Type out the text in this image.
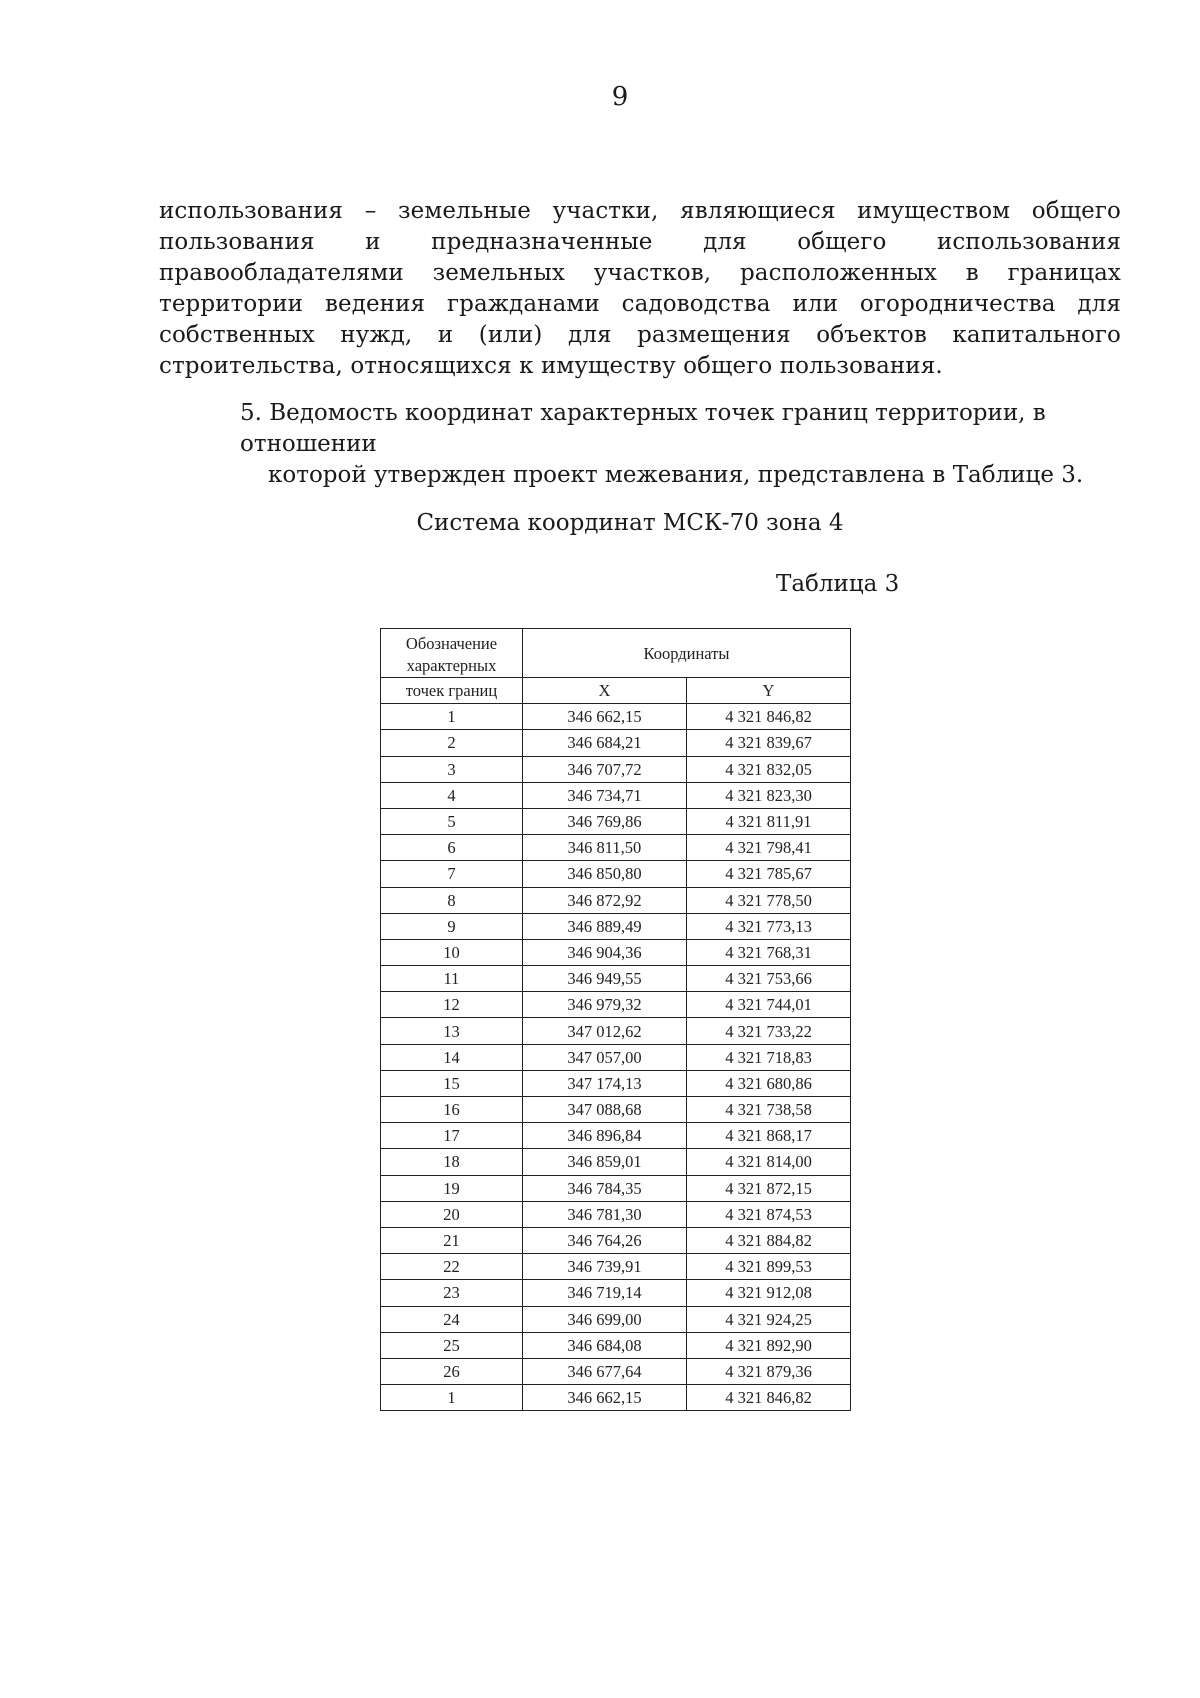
9
использования – земельные участки, являющиеся имуществом общего пользования и предназначенные для общего использования правообладателями земельных участков, расположенных в границах территории ведения гражданами садоводства или огородничества для собственных нужд, и (или) для размещения объектов капитального строительства, относящихся к имуществу общего пользования.
5. Ведомость координат характерных точек границ территории, в отношении
которой утвержден проект межевания, представлена в Таблице 3.
Система координат МСК-70 зона 4
Таблица 3
Обозначение характерных	Координаты	
точек границ	X	Y
1	346 662,15	4 321 846,82
2	346 684,21	4 321 839,67
3	346 707,72	4 321 832,05
4	346 734,71	4 321 823,30
5	346 769,86	4 321 811,91
6	346 811,50	4 321 798,41
7	346 850,80	4 321 785,67
8	346 872,92	4 321 778,50
9	346 889,49	4 321 773,13
10	346 904,36	4 321 768,31
11	346 949,55	4 321 753,66
12	346 979,32	4 321 744,01
13	347 012,62	4 321 733,22
14	347 057,00	4 321 718,83
15	347 174,13	4 321 680,86
16	347 088,68	4 321 738,58
17	346 896,84	4 321 868,17
18	346 859,01	4 321 814,00
19	346 784,35	4 321 872,15
20	346 781,30	4 321 874,53
21	346 764,26	4 321 884,82
22	346 739,91	4 321 899,53
23	346 719,14	4 321 912,08
24	346 699,00	4 321 924,25
25	346 684,08	4 321 892,90
26	346 677,64	4 321 879,36
1	346 662,15	4 321 846,82
